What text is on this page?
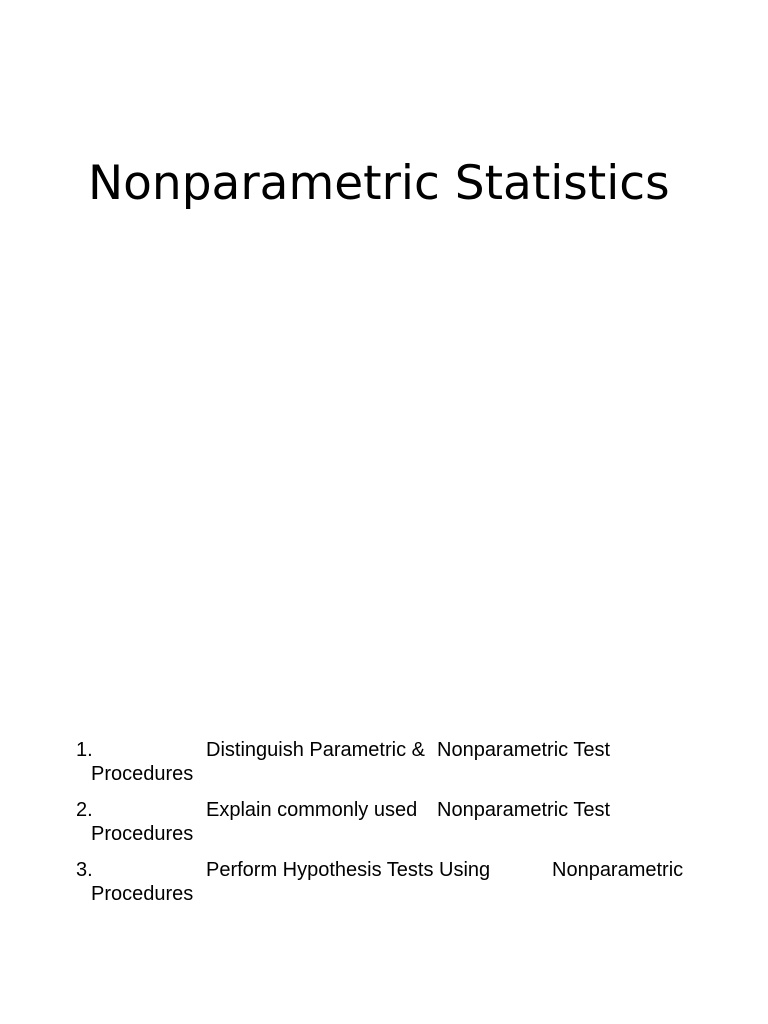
Nonparametric Statistics
1.	Distinguish Parametric & Nonparametric Test
Procedures
2.	Explain commonly used Nonparametric Test
Procedures
3.	Perform Hypothesis Tests Using	Nonparametric
Procedures
